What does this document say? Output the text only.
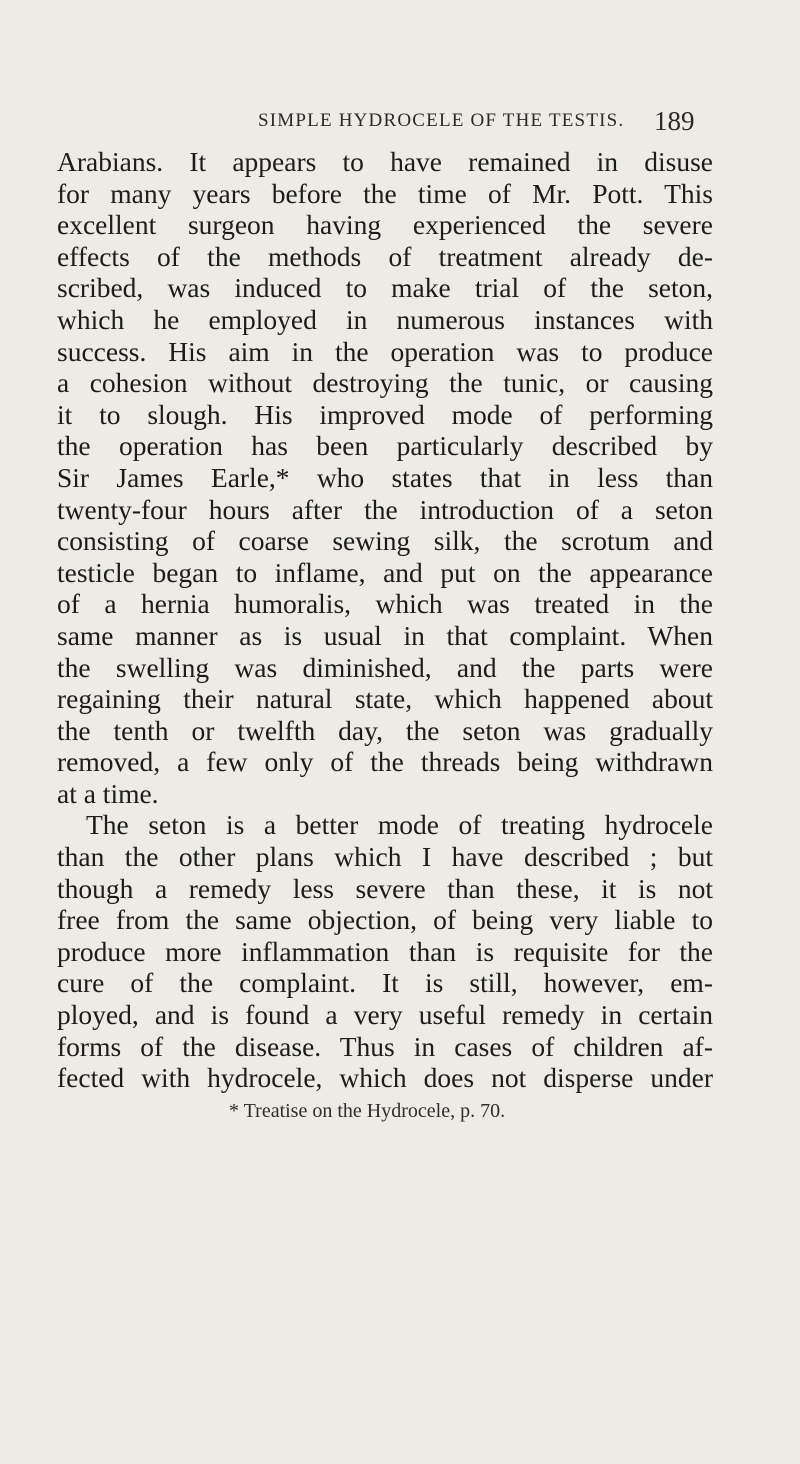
SIMPLE HYDROCELE OF THE TESTIS. 189
Arabians. It appears to have remained in disuse
for many years before the time of Mr. Pott. This
excellent surgeon having experienced the severe
effects of the methods of treatment already de-
scribed, was induced to make trial of the seton,
which he employed in numerous instances with
success. His aim in the operation was to produce
a cohesion without destroying the tunic, or causing
it to slough. His improved mode of performing
the operation has been particularly described by
Sir James Earle,* who states that in less than
twenty-four hours after the introduction of a seton
consisting of coarse sewing silk, the scrotum and
testicle began to inflame, and put on the appearance
of a hernia humoralis, which was treated in the
same manner as is usual in that complaint. When
the swelling was diminished, and the parts were
regaining their natural state, which happened about
the tenth or twelfth day, the seton was gradually
removed, a few only of the threads being withdrawn
at a time.
The seton is a better mode of treating hydrocele
than the other plans which I have described ; but
though a remedy less severe than these, it is not
free from the same objection, of being very liable to
produce more inflammation than is requisite for the
cure of the complaint. It is still, however, em-
ployed, and is found a very useful remedy in certain
forms of the disease. Thus in cases of children af-
fected with hydrocele, which does not disperse under
* Treatise on the Hydrocele, p. 70.
